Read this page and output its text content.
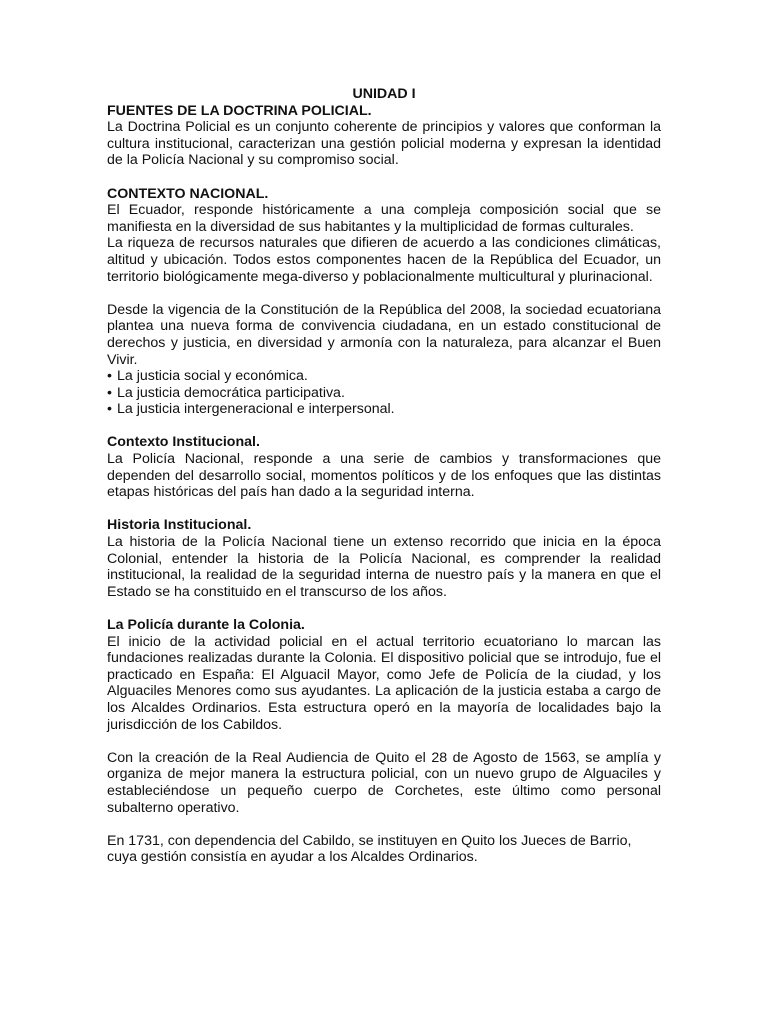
UNIDAD I

FUENTES DE LA DOCTRINA POLICIAL.

La Doctrina Policial es un conjunto coherente de principios y valores que conforman la cultura institucional, caracterizan una gestión policial moderna y expresan la identidad de la Policía Nacional y su compromiso social.

CONTEXTO NACIONAL.

El Ecuador, responde históricamente a una compleja composición social que se manifiesta en la diversidad de sus habitantes y la multiplicidad de formas culturales.

La riqueza de recursos naturales que difieren de acuerdo a las condiciones climáticas, altitud y ubicación. Todos estos componentes hacen de la República del Ecuador, un territorio biológicamente mega-diverso y poblacionalmente multicultural y plurinacional.

Desde la vigencia de la Constitución de la República del 2008, la sociedad ecuatoriana plantea una nueva forma de convivencia ciudadana, en un estado constitucional de derechos y justicia, en diversidad y armonía con la naturaleza, para alcanzar el Buen Vivir.

• La justicia social y económica.
• La justicia democrática participativa.
• La justicia intergeneracional e interpersonal.

Contexto Institucional.

La Policía Nacional, responde a una serie de cambios y transformaciones que dependen del desarrollo social, momentos políticos y de los enfoques que las distintas etapas históricas del país han dado a la seguridad interna.

Historia Institucional.

La historia de la Policía Nacional tiene un extenso recorrido que inicia en la época Colonial, entender la historia de la Policía Nacional, es comprender la realidad institucional, la realidad de la seguridad interna de nuestro país y la manera en que el Estado se ha constituido en el transcurso de los años.

La Policía durante la Colonia.

El inicio de la actividad policial en el actual territorio ecuatoriano lo marcan las fundaciones realizadas durante la Colonia. El dispositivo policial que se introdujo, fue el practicado en España: El Alguacil Mayor, como Jefe de Policía de la ciudad, y los Alguaciles Menores como sus ayudantes. La aplicación de la justicia estaba a cargo de los Alcaldes Ordinarios. Esta estructura operó en la mayoría de localidades bajo la jurisdicción de los Cabildos.

Con la creación de la Real Audiencia de Quito el 28 de Agosto de 1563, se amplía y organiza de mejor manera la estructura policial, con un nuevo grupo de Alguaciles y estableciéndose un pequeño cuerpo de Corchetes, este último como personal subalterno operativo.

En 1731, con dependencia del Cabildo, se instituyen en Quito los Jueces de Barrio, cuya gestión consistía en ayudar a los Alcaldes Ordinarios.
